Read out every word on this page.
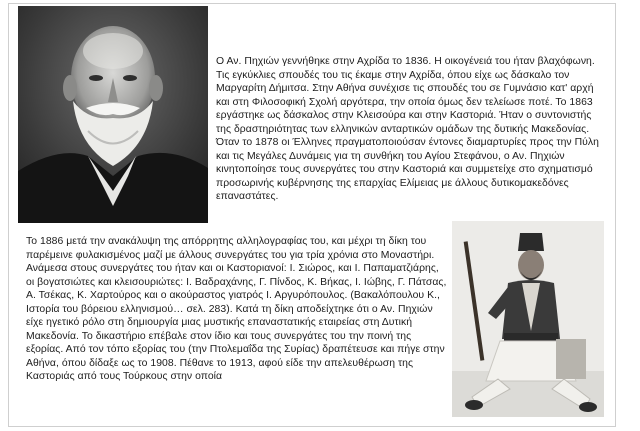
Ο Αν. Πηχιών γεννήθηκε στην Αχρίδα το 1836. Η οικογένειά του ήταν βλαχόφωνη. Τις εγκύκλιες σπουδές του τις έκαμε στην Αχρίδα, όπου είχε ως δάσκαλο τον Μαργαρίτη Δήμιτσα. Στην Αθήνα συνέχισε τις σπουδές του σε Γυμνάσιο κατ' αρχή και στη Φιλοσοφική Σχολή αργότερα, την οποία όμως δεν τελείωσε ποτέ. Το 1863 εργάστηκε ως δάσκαλος στην Κλεισούρα και στην Καστοριά. Ήταν ο συντονιστής της δραστηριότητας των ελληνικών ανταρτικών ομάδων της δυτικής Μακεδονίας. Όταν το 1878 οι Έλληνες πραγματοποιούσαν έντονες διαμαρτυρίες προς την Πύλη και τις Μεγάλες Δυνάμεις για τη συνθήκη του Αγίου Στεφάνου, ο Αν. Πηχιών κινητοποίησε τους συνεργάτες του στην Καστοριά και συμμετείχε στο σχηματισμό προσωρινής κυβέρνησης της επαρχίας Ελίμειας με άλλους δυτικομακεδόνες επαναστάτες.

Το 1886 μετά την ανακάλυψη της απόρρητης αλληλογραφίας του, και μέχρι τη δίκη του παρέμεινε φυλακισμένος μαζί με άλλους συνεργάτες του για τρία χρόνια στο Μοναστήρι. Ανάμεσα στους συνεργάτες του ήταν και οι Καστοριανοί: Ι. Σιώρος, και Ι. Παπαματζιάρης, οι βογατσιώτες και κλεισουριώτες: Ι. Βαδραχάνης, Γ. Πίνδος, Κ. Βήκας, Ι. Ιώβης, Γ. Πάτσας, Α. Τσέκας, Κ. Χαρτούρος και ο ακούραστος γιατρός Ι. Αργυρόπουλος. (Βακαλόπουλου Κ., Ιστορία του βόρειου ελληνισμού… σελ. 283). Κατά τη δίκη αποδείχτηκε ότι ο Αν. Πηχιών είχε ηγετικό ρόλο στη δημιουργία μιας μυστικής επαναστατικής εταιρείας στη Δυτική Μακεδονία. Το δικαστήριο επέβαλε στον ίδιο και τους συνεργάτες του την ποινή της εξορίας. Από τον τόπο εξορίας του (την Πτολεμαΐδα της Συρίας) δραπέτευσε και πήγε στην Αθήνα, όπου δίδαξε ως το 1908. Πέθανε το 1913, αφού είδε την απελευθέρωση της Καστοριάς από τους Τούρκους στην οποία
